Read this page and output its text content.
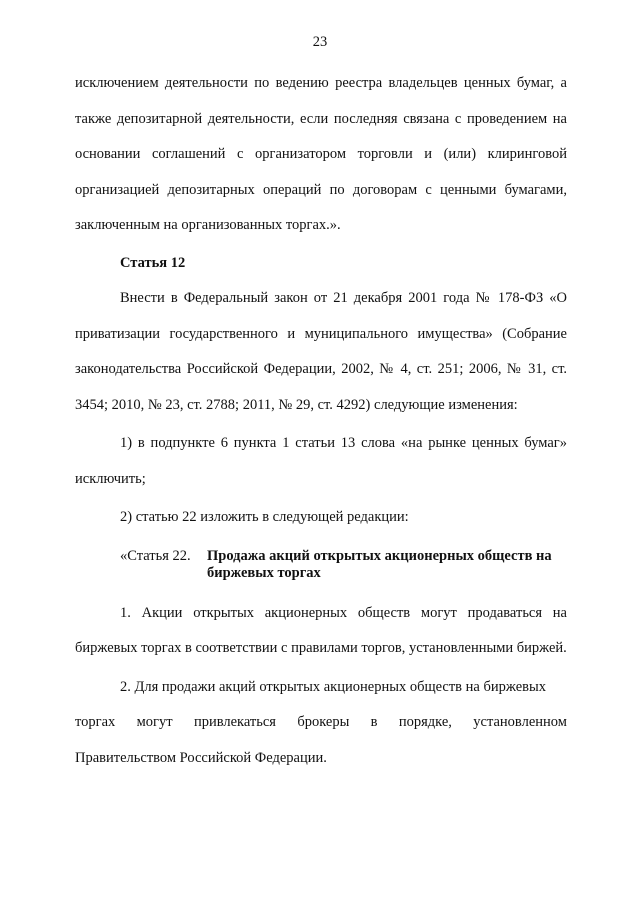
23

исключением деятельности по ведению реестра владельцев ценных бумаг, а также депозитарной деятельности, если последняя связана с проведением на основании соглашений с организатором торговли и (или) клиринговой организацией депозитарных операций по договорам с ценными бумагами, заключенным на организованных торгах.».

Статья 12

Внести в Федеральный закон от 21 декабря 2001 года № 178-ФЗ «О приватизации государственного и муниципального имущества» (Собрание законодательства Российской Федерации, 2002, № 4, ст. 251; 2006, № 31, ст. 3454; 2010, № 23, ст. 2788; 2011, № 29, ст. 4292) следующие изменения:

1) в подпункте 6 пункта 1 статьи 13 слова «на рынке ценных бумаг» исключить;

2) статью 22 изложить в следующей редакции:

«Статья 22.	Продажа акций открытых акционерных обществ на биржевых торгах

1. Акции открытых акционерных обществ могут продаваться на биржевых торгах в соответствии с правилами торгов, установленными биржей.

2. Для продажи акций открытых акционерных обществ на биржевых
торгах могут привлекаться брокеры в порядке, установленном
Правительством Российской Федерации.
